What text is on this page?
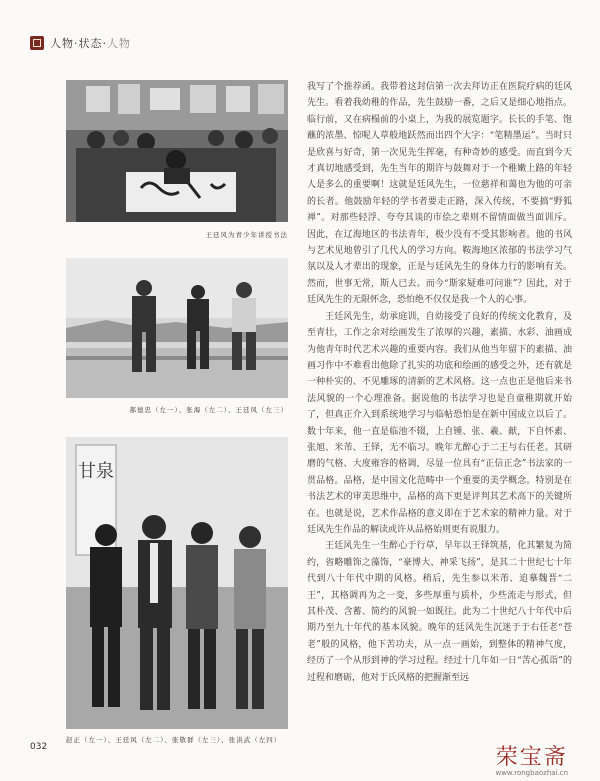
人物·状态·人物
王廷风为青少年讲授书法
郝德忠（左一）、张海（左二）、王廷风（左三）
甘泉
赵正（左一）、王廷风（左二）、张敬群（左三）、张洪武（左四）

我写了个推荐函。我带着这封信第一次去拜访正在医院疗病的廷风先生。看着我幼稚的作品，先生鼓励一番，之后又是细心地指点。临行前，又在病榻前的小桌上，为我的展览题字。长长的手笔、饱蘸的浓墨、惊呢人草般地跃然而出四个大字：“笔精墨运”。当时只是欣喜与好奇，第一次见先生挥毫，有种奇妙的感受。而直到今天才真切地感受到，先生当年的期许与鼓舞对于一个稚嫩上路的年轻人是多么的重要啊！这就是廷风先生，一位慈祥和蔼也为他的可亲的长者。他鼓励年轻的学书者要走正路，深入传统，不要搞“野狐禅”。对那些轻浮、夸夸其谈的市侩之辈则不留情面做当面训斥。因此，在辽海地区的书法青年，极少没有不受其影响者。他的书风与艺术见地曾引了几代人的学习方向。鞍海地区浓郁的书法学习气氛以及人才辈出的现象，正是与廷风先生的身体力行的影响有关。然而，世事无常，斯人已去。而今“斯家疑难可问谁”？因此，对于廷风先生的无限怀念，恐怕绝不仅仅是我一个人的心事。

王廷风先生，幼承庭训，自幼接受了良好的传统文化教育，及至青壮，工作之余对绘画发生了浓厚的兴趣，素描、水彩、油画成为他青年时代艺术兴趣的重要内容。我们从他当年留下的素描、油画习作中不难看出他除了扎实的功底和绘画的感受之外，还有就是一种朴实的、不见雕琢的清新的艺术风格。这一点也正是他后来书法风貌的一个心理准备。据说他的书法学习也是自童稚期就开始了，但真正介入到系统地学习与临帖恐怕是在新中国成立以后了。数十年来，他一直是临池不辍，上自锺、张、羲、献，下自怀素、张旭、米芾、王铎，无不临习。晚年尤醉心于二王与右任老。其研磨的气格、大度雍容的格调，尽显一位具有“正信正念”书法家的一贯品格。品格，是中国文化范畴中一个重要的美学概念。特别是在书法艺术的审美思维中，品格的高下更是评判其艺术高下的关键所在。也就是说，艺术作品格的意义即在于艺术家的精神力量。对于廷风先生作品的解读或许从品格始则更有说服力。

王廷风先生一生醉心于行草，早年以王铎筑基，化其繁复为简约，省略雕饰之藻饰，“豪博大、神采飞扬”，是其二十世纪七十年代到八十年代中期的风格。稍后，先生参以米芾、追摹魏晋“二王”，其格调再为之一变，多些厚重与质朴，少些流走与形式，但其朴茂、含蓄、简约的风貌一如既往。此为二十世纪八十年代中后期乃至九十年代的基本风貌。晚年的廷风先生沉迷于于右任老“苍老”般的风格，他下苦功夫，从一点一画始，到整体的精神气度，经历了一个从形到神的学习过程。经过十几年如一日“苦心孤诣”的过程和磨砺，他对于氏风格的把握渐至远

032	荣宝斋
www.rongbaozhai.cn
